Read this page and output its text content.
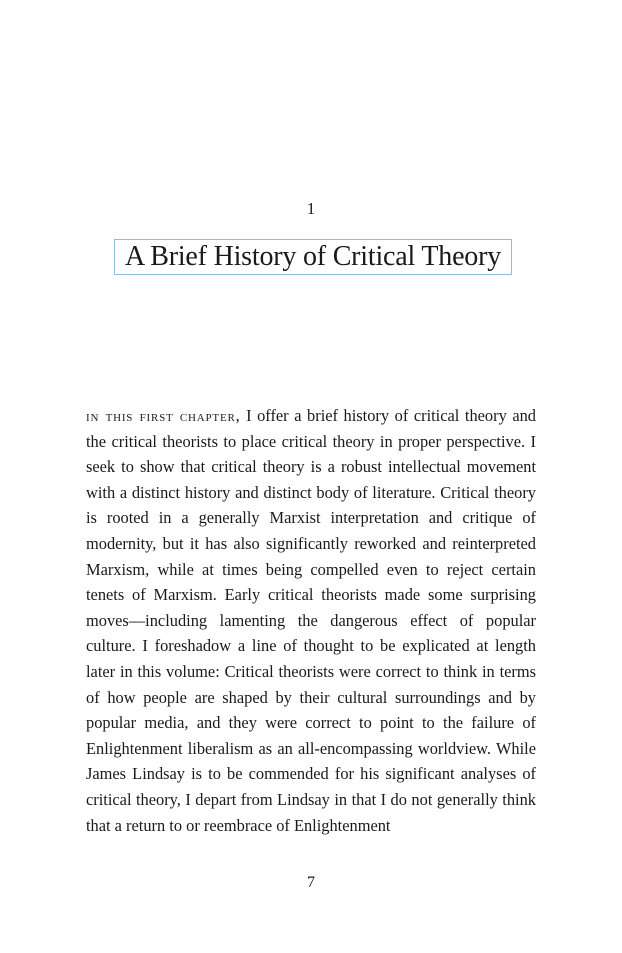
1
A Brief History of Critical Theory

in this first chapter, I offer a brief history of critical theory and the critical theorists to place critical theory in proper perspective. I seek to show that critical theory is a robust intellectual movement with a distinct history and distinct body of literature. Critical theory is rooted in a generally Marxist interpretation and critique of modernity, but it has also significantly reworked and reinterpreted Marxism, while at times being compelled even to reject certain tenets of Marxism. Early critical theorists made some surprising moves—including lamenting the dangerous effect of popular culture. I foreshadow a line of thought to be explicated at length later in this volume: Critical theorists were correct to think in terms of how people are shaped by their cultural surroundings and by popular media, and they were correct to point to the failure of Enlightenment liberalism as an all-encompassing worldview. While James Lindsay is to be commended for his significant analyses of critical theory, I depart from Lindsay in that I do not generally think that a return to or reembrace of Enlightenment

7
